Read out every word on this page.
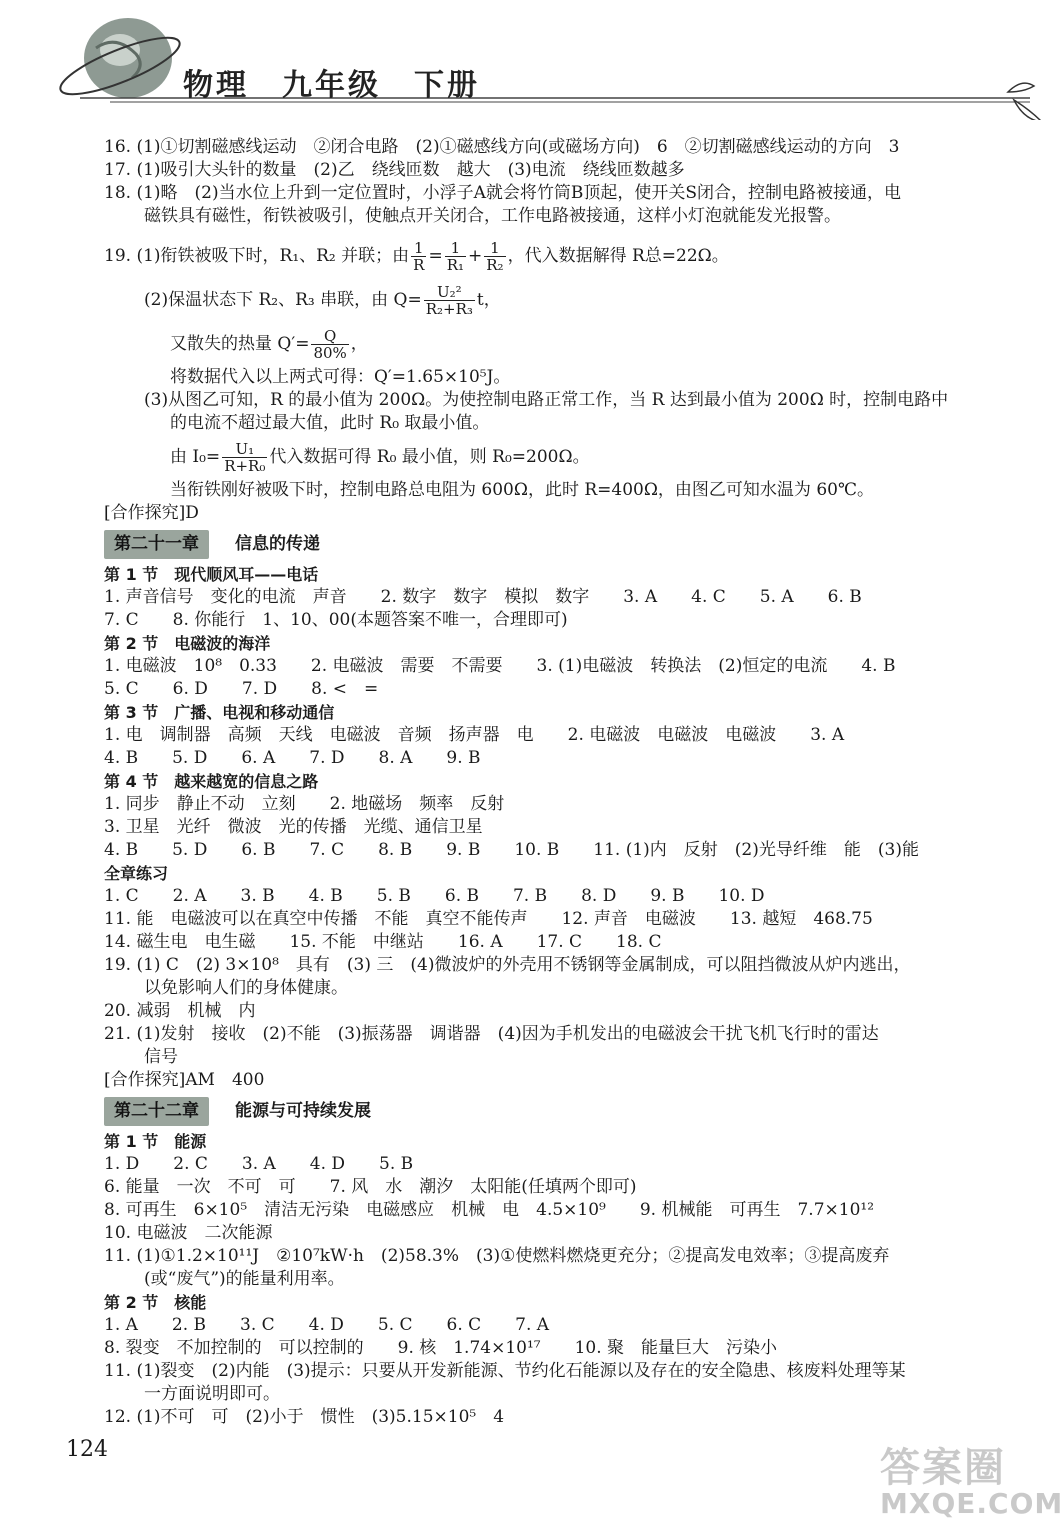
物理　九年级　下册
16. (1)①切割磁感线运动　②闭合电路　(2)①磁感线方向(或磁场方向)　6　②切割磁感线运动的方向　3
17. (1)吸引大头针的数量　(2)乙　绕线匝数　越大　(3)电流　绕线匝数越多
18. (1)略　(2)当水位上升到一定位置时，小浮子A就会将竹筒B顶起，使开关S闭合，控制电路被接通，电
磁铁具有磁性，衔铁被吸引，使触点开关闭合，工作电路被接通，这样小灯泡就能发光报警。
19. (1)衔铁被吸下时，R₁、R₂ 并联；由 $\frac{1}{R} = \frac{1}{\text{R₁}} + \frac{1}{\text{R₂}}$ ，代入数据解得 R总=22Ω。
(2)保温状态下 R₂、R₃ 串联，由 $Q= \frac{\text{U₂²}}{\text{R₂+R₃}}$ t，
又散失的热量 $Q'= \frac{Q}{80\%}$ ，
将数据代入以上两式可得：Q′=1.65×10⁵J。
(3)从图乙可知，R 的最小值为 200Ω。为使控制电路正常工作，当 R 达到最小值为 200Ω 时，控制电路中
的电流不超过最大值，此时 R₀ 取最小值。
由 $I_0= \frac{\text{U₁}}{\text{R+R₀}}$ 代入数据可得 R₀ 最小值，则 R₀=200Ω。
当衔铁刚好被吸下时，控制电路总电阻为 600Ω，此时 R=400Ω，由图乙可知水温为 60℃。
[合作探究]D
第二十一章	信息的传递
第 1 节　现代顺风耳——电话
1. 声音信号　变化的电流　声音　　2. 数字　数字　模拟　数字　　3. A　　4. C　　5. A　　6. B
7. C　　8. 你能行　1、10、00(本题答案不唯一，合理即可)
第 2 节　电磁波的海洋
1. 电磁波　10⁸　0.33　　2. 电磁波　需要　不需要　　3. (1)电磁波　转换法　(2)恒定的电流　　4. B
5. C　　6. D　　7. D　　8. <　=
第 3 节　广播、电视和移动通信
1. 电　调制器　高频　天线　电磁波　音频　扬声器　电　　2. 电磁波　电磁波　电磁波　　3. A
4. B　　5. D　　6. A　　7. D　　8. A　　9. B
第 4 节　越来越宽的信息之路
1. 同步　静止不动　立刻　　2. 地磁场　频率　反射
3. 卫星　光纤　微波　光的传播　光缆、通信卫星
4. B　　5. D　　6. B　　7. C　　8. B　　9. B　　10. B　　11. (1)内　反射　(2)光导纤维　能　(3)能
全章练习
1. C　　2. A　　3. B　　4. B　　5. B　　6. B　　7. B　　8. D　　9. B　　10. D
11. 能　电磁波可以在真空中传播　不能　真空不能传声　　12. 声音　电磁波　　13. 越短　468.75
14. 磁生电　电生磁　　15. 不能　中继站　　16. A　　17. C　　18. C
19. (1) C　(2) 3×10⁸　具有　(3) 三　(4)微波炉的外壳用不锈钢等金属制成，可以阻挡微波从炉内逃出，
以免影响人们的身体健康。
20. 减弱　机械　内
21. (1)发射　接收　(2)不能　(3)振荡器　调谐器　(4)因为手机发出的电磁波会干扰飞机飞行时的雷达
信号
[合作探究]AM　400
第二十二章	能源与可持续发展
第 1 节　能源
1. D　　2. C　　3. A　　4. D　　5. B
6. 能量　一次　不可　可　　7. 风　水　潮汐　太阳能(任填两个即可)
8. 可再生　6×10⁵　清洁无污染　电磁感应　机械　电　4.5×10⁹　　9. 机械能　可再生　7.7×10¹²
10. 电磁波　二次能源
11. (1)①1.2×10¹¹J　②10⁷kW·h　(2)58.3%　(3)①使燃料燃烧更充分；②提高发电效率；③提高废弃
(或“废气”)的能量利用率。
第 2 节　核能
1. A　　2. B　　3. C　　4. D　　5. C　　6. C　　7. A
8. 裂变　不加控制的　可以控制的　　9. 核　1.74×10¹⁷　　10. 聚　能量巨大　污染小
11. (1)裂变　(2)内能　(3)提示：只要从开发新能源、节约化石能源以及存在的安全隐患、核废料处理等某
一方面说明即可。
12. (1)不可　可　(2)小于　惯性　(3)5.15×10⁵　4
124	答案圈
MXQE.COM
